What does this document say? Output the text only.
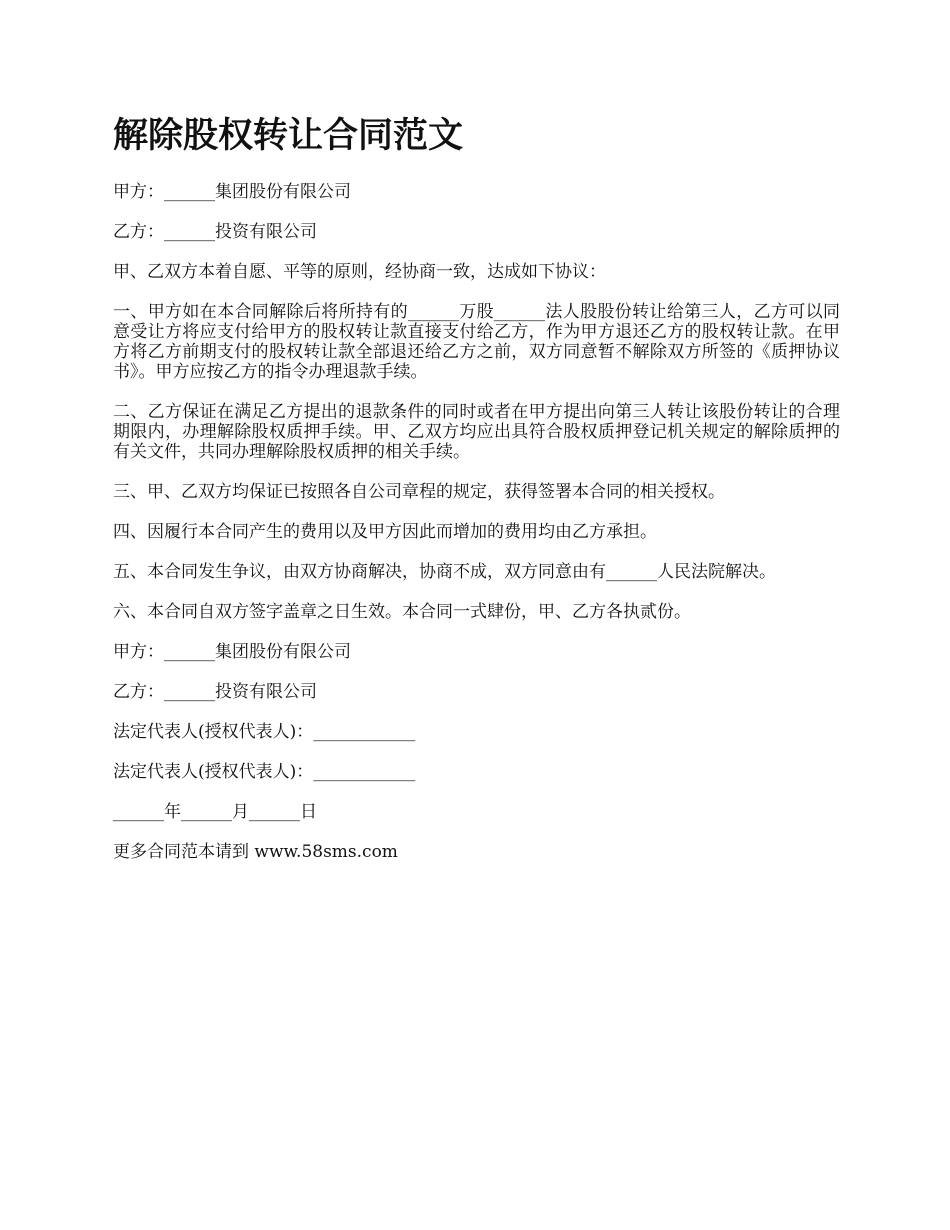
解除股权转让合同范文

甲方：______集团股份有限公司

乙方：______投资有限公司

甲、乙双方本着自愿、平等的原则，经协商一致，达成如下协议：

一、甲方如在本合同解除后将所持有的______万股______法人股股份转让给第三人，乙方可以同意受让方将应支付给甲方的股权转让款直接支付给乙方，作为甲方退还乙方的股权转让款。在甲方将乙方前期支付的股权转让款全部退还给乙方之前，双方同意暂不解除双方所签的《质押协议书》。甲方应按乙方的指令办理退款手续。

二、乙方保证在满足乙方提出的退款条件的同时或者在甲方提出向第三人转让该股份转让的合理期限内，办理解除股权质押手续。甲、乙双方均应出具符合股权质押登记机关规定的解除质押的有关文件，共同办理解除股权质押的相关手续。

三、甲、乙双方均保证已按照各自公司章程的规定，获得签署本合同的相关授权。

四、因履行本合同产生的费用以及甲方因此而增加的费用均由乙方承担。

五、本合同发生争议，由双方协商解决，协商不成，双方同意由有______人民法院解决。

六、本合同自双方签字盖章之日生效。本合同一式肆份，甲、乙方各执贰份。

甲方：______集团股份有限公司

乙方：______投资有限公司

法定代表人(授权代表人)：____________

法定代表人(授权代表人)：____________

______年______月______日

更多合同范本请到 www.58sms.com
